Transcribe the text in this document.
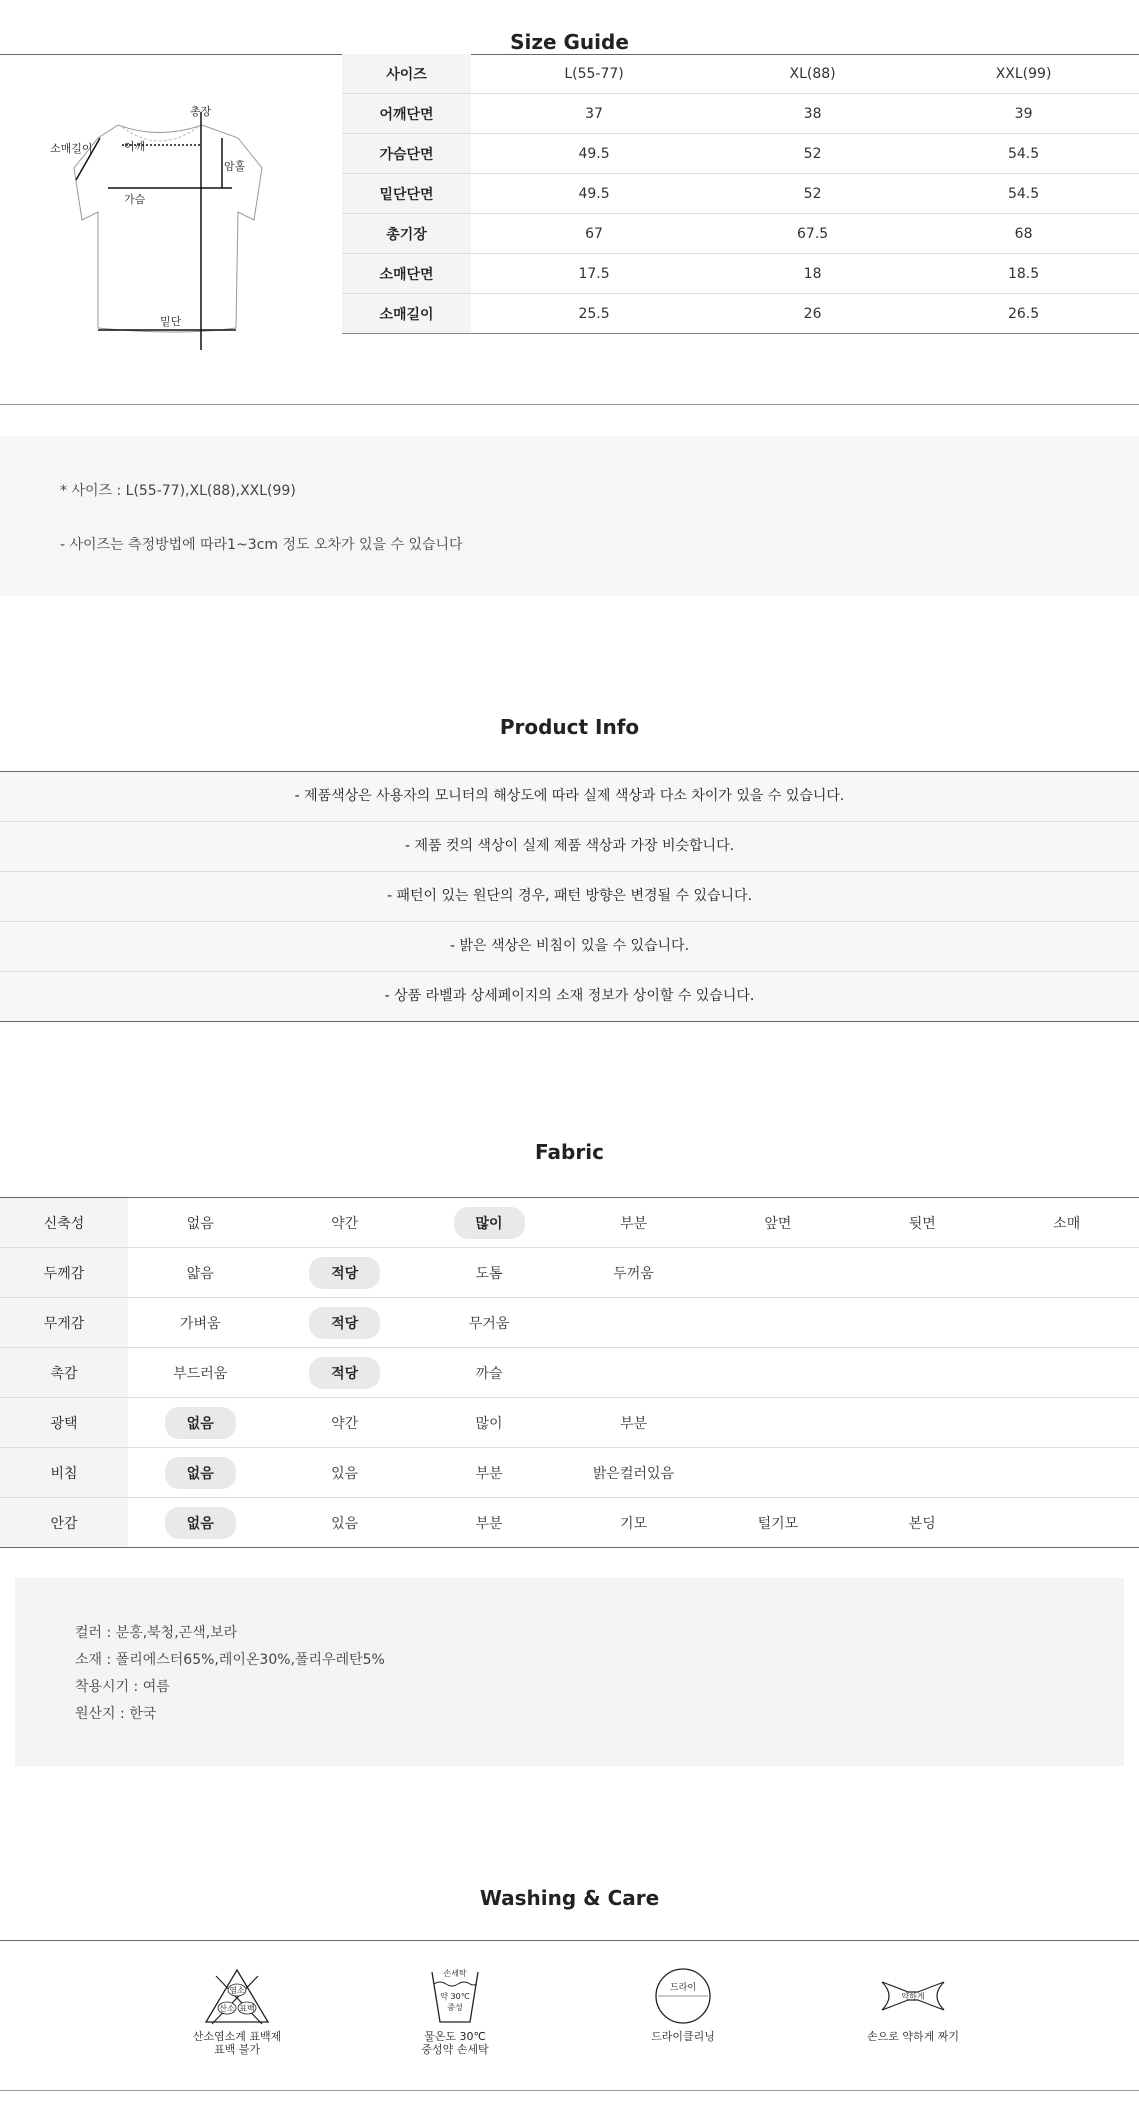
Size Guide
총장
소매길이	어깨
암홀
가슴
밑단
사이즈	L(55-77)	XL(88)	XXL(99)
어깨단면	37	38	39
가슴단면	49.5	52	54.5
밑단단면	49.5	52	54.5
총기장	67	67.5	68
소매단면	17.5	18	18.5
소매길이	25.5	26	26.5

* 사이즈 : L(55-77),XL(88),XXL(99)

- 사이즈는 측정방법에 따라1~3cm 정도 오차가 있을 수 있습니다

Product Info
- 제품색상은 사용자의 모니터의 해상도에 따라 실제 색상과 다소 차이가 있을 수 있습니다.
- 제품 컷의 색상이 실제 제품 색상과 가장 비슷합니다.
- 패턴이 있는 원단의 경우, 패턴 방향은 변경될 수 있습니다.
- 밝은 색상은 비침이 있을 수 있습니다.
- 상품 라벨과 상세페이지의 소재 정보가 상이할 수 있습니다.
Fabric
신축성	없음	약간	많이	부분	앞면	뒷면	소매
두께감	얇음	적당	도톰	두꺼움			
무게감	가벼움	적당	무거움				
촉감	부드러움	적당	까슬				
광택	없음	약간	많이	부분			
비침	없음	있음	부분	밝은컬러있음			
안감	없음	있음	부분	기모	털기모	본딩	

컬러 : 분홍,북청,곤색,보라

소재 : 폴리에스터65%,레이온30%,폴리우레탄5%

착용시기 : 여름

원산지 : 한국

Washing & Care
염소
산소 표백
산소염소계 표백제
표백 불가
손세탁
약 30℃
중성
물온도 30℃
중성약 손세탁
드라이
드라이클리닝
약하게
손으로 약하게 짜기
